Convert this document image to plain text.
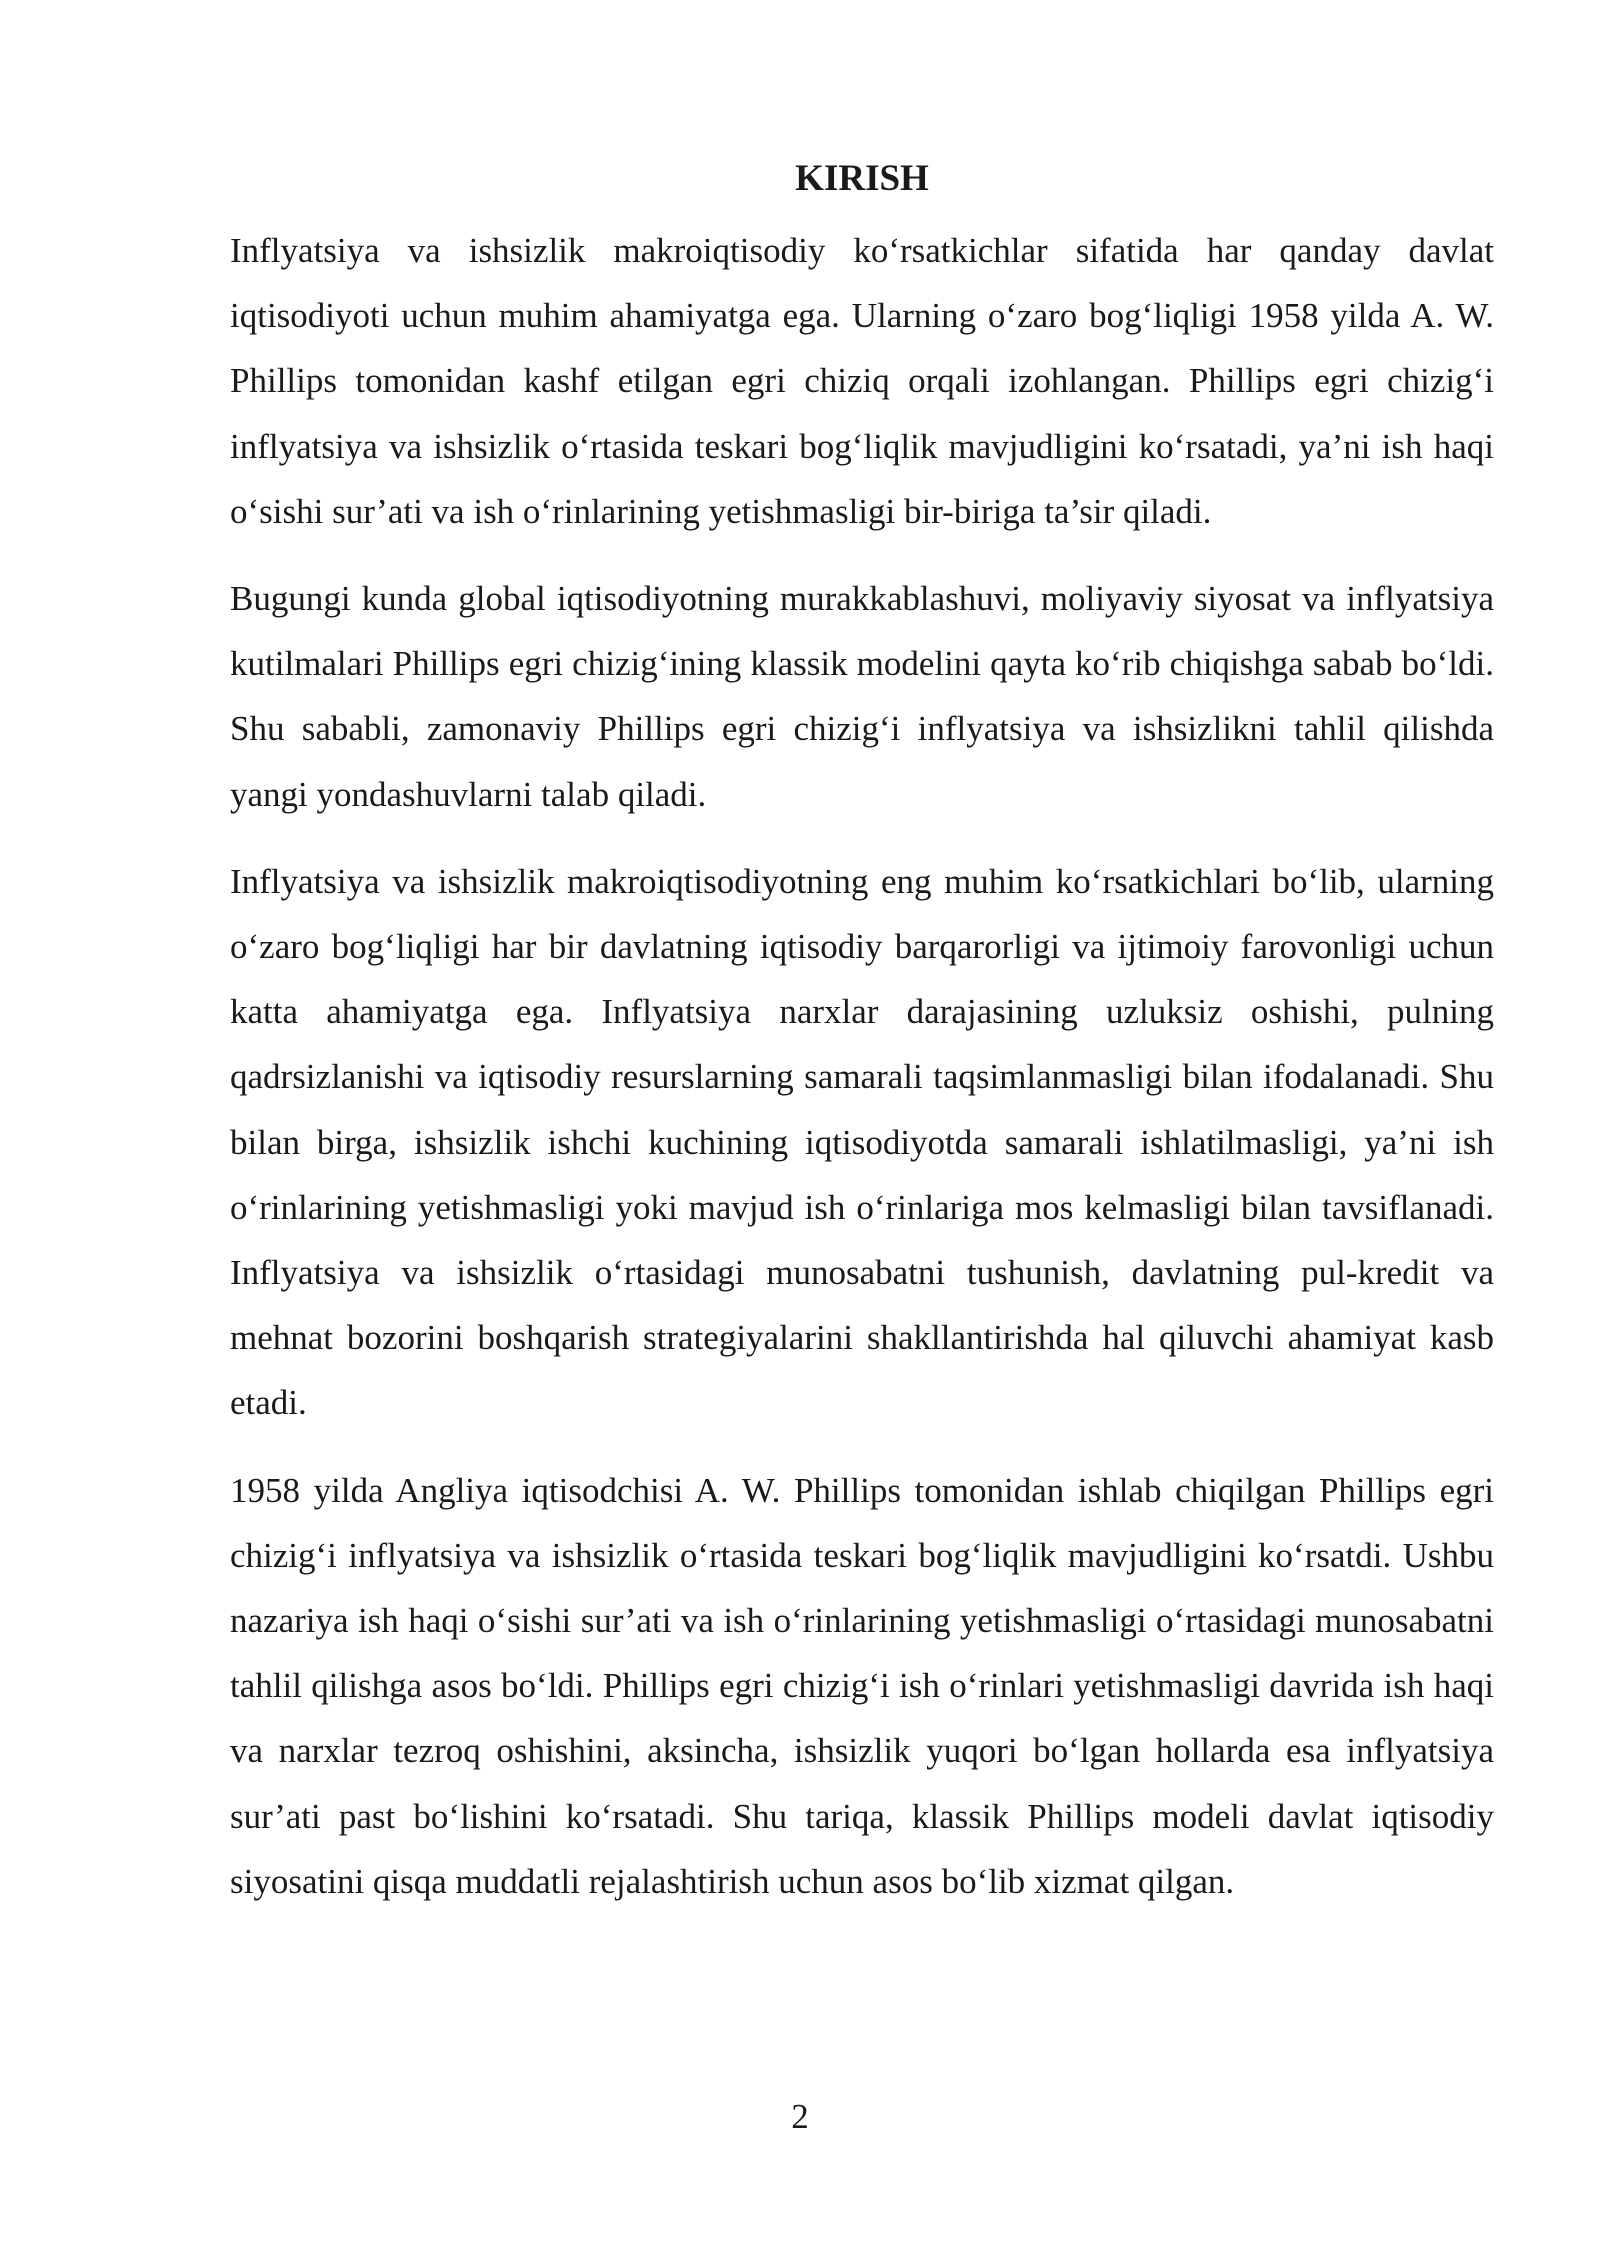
KIRISH

Inflyatsiya va ishsizlik makroiqtisodiy ko‘rsatkichlar sifatida har qanday davlat iqtisodiyoti uchun muhim ahamiyatga ega. Ularning o‘zaro bog‘liqligi 1958 yilda A. W. Phillips tomonidan kashf etilgan egri chiziq orqali izohlangan. Phillips egri chizig‘i inflyatsiya va ishsizlik o‘rtasida teskari bog‘liqlik mavjudligini ko‘rsatadi, ya’ni ish haqi o‘sishi sur’ati va ish o‘rinlarining yetishmasligi bir-biriga ta’sir qiladi.

Bugungi kunda global iqtisodiyotning murakkablashuvi, moliyaviy siyosat va inflyatsiya kutilmalari Phillips egri chizig‘ining klassik modelini qayta ko‘rib chiqishga sabab bo‘ldi. Shu sababli, zamonaviy Phillips egri chizig‘i inflyatsiya va ishsizlikni tahlil qilishda yangi yondashuvlarni talab qiladi.

Inflyatsiya va ishsizlik makroiqtisodiyotning eng muhim ko‘rsatkichlari bo‘lib, ularning o‘zaro bog‘liqligi har bir davlatning iqtisodiy barqarorligi va ijtimoiy farovonligi uchun katta ahamiyatga ega. Inflyatsiya narxlar darajasining uzluksiz oshishi, pulning qadrsizlanishi va iqtisodiy resurslarning samarali taqsimlanmasligi bilan ifodalanadi. Shu bilan birga, ishsizlik ishchi kuchining iqtisodiyotda samarali ishlatilmasligi, ya’ni ish o‘rinlarining yetishmasligi yoki mavjud ish o‘rinlariga mos kelmasligi bilan tavsiflanadi. Inflyatsiya va ishsizlik o‘rtasidagi munosabatni tushunish, davlatning pul-kredit va mehnat bozorini boshqarish strategiyalarini shakllantirishda hal qiluvchi ahamiyat kasb etadi.

1958 yilda Angliya iqtisodchisi A. W. Phillips tomonidan ishlab chiqilgan Phillips egri chizig‘i inflyatsiya va ishsizlik o‘rtasida teskari bog‘liqlik mavjudligini ko‘rsatdi. Ushbu nazariya ish haqi o‘sishi sur’ati va ish o‘rinlarining yetishmasligi o‘rtasidagi munosabatni tahlil qilishga asos bo‘ldi. Phillips egri chizig‘i ish o‘rinlari yetishmasligi davrida ish haqi va narxlar tezroq oshishini, aksincha, ishsizlik yuqori bo‘lgan hollarda esa inflyatsiya sur’ati past bo‘lishini ko‘rsatadi. Shu tariqa, klassik Phillips modeli davlat iqtisodiy siyosatini qisqa muddatli rejalashtirish uchun asos bo‘lib xizmat qilgan.

2
